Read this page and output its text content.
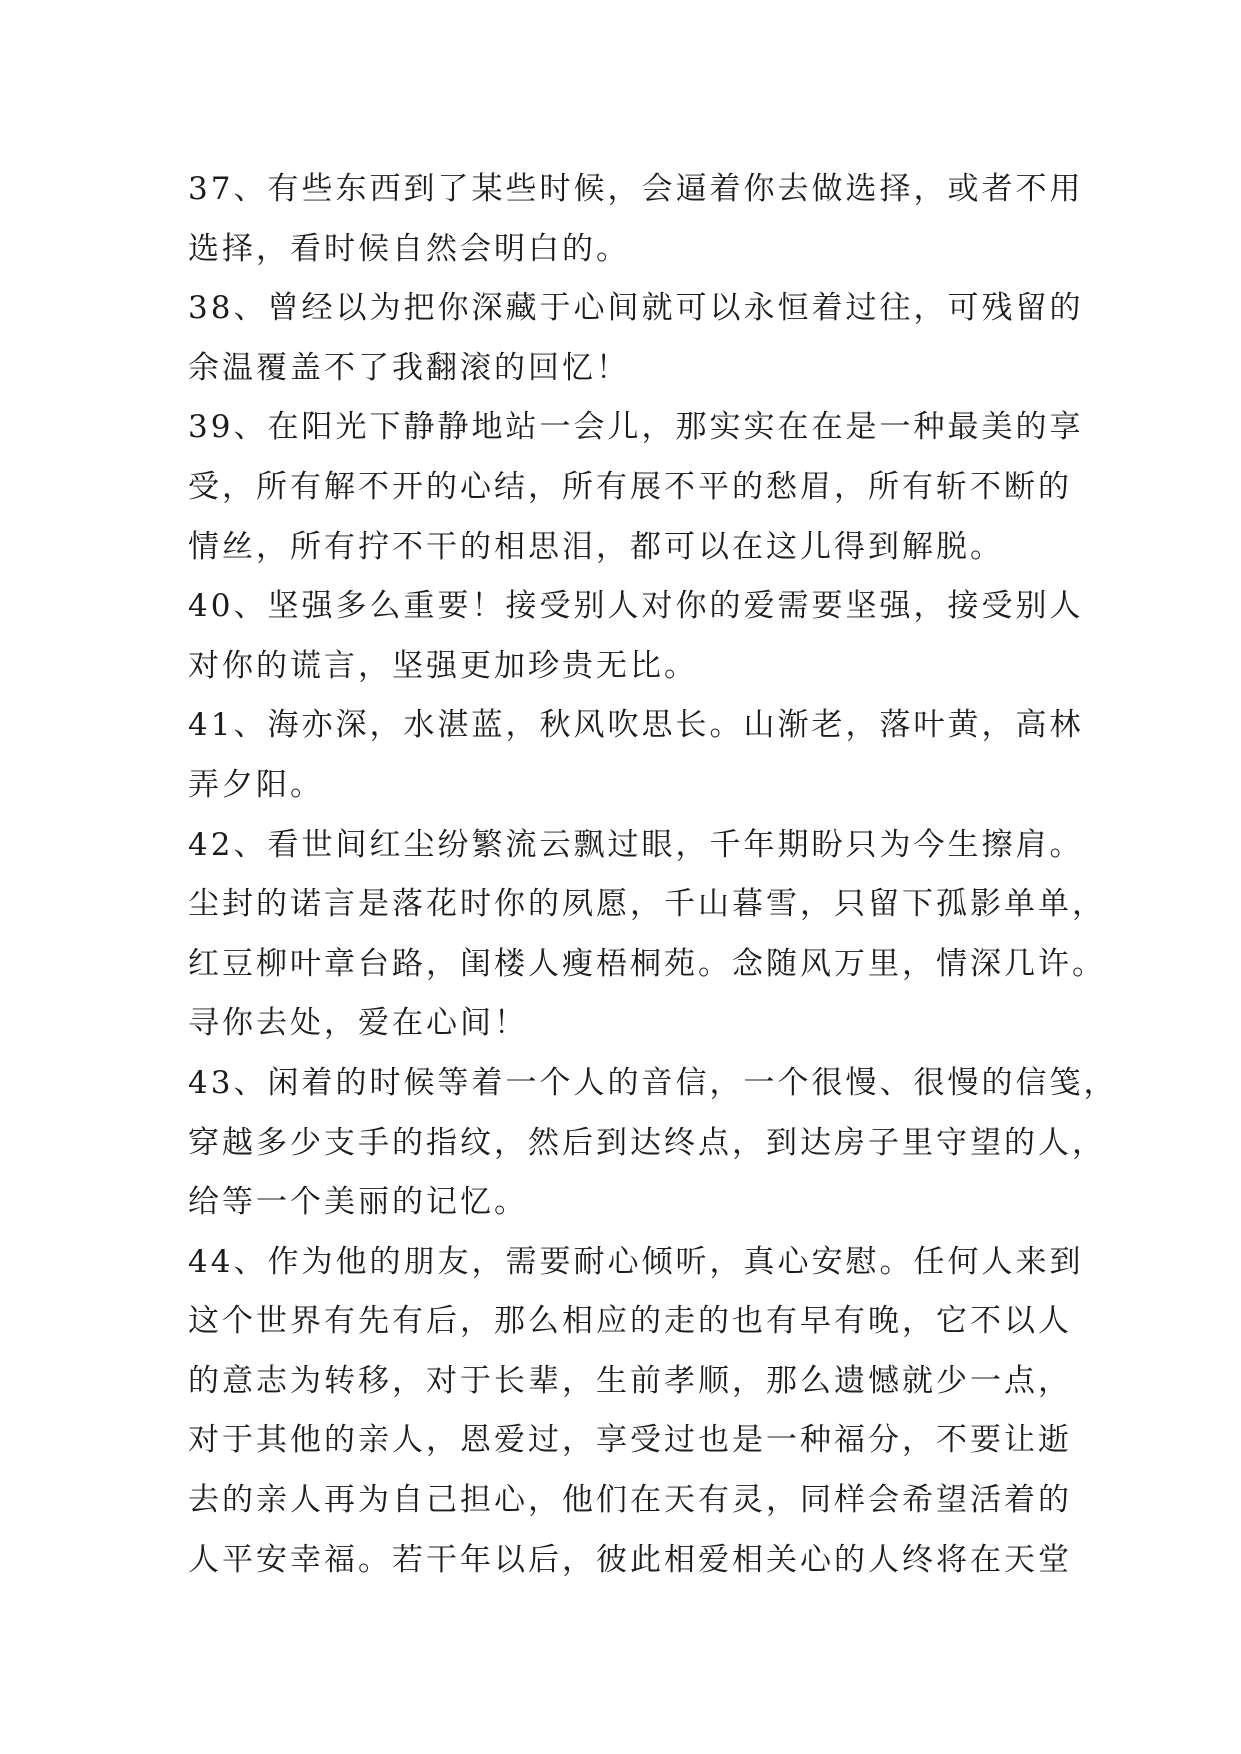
37、有些东西到了某些时候，会逼着你去做选择，或者不用
选择，看时候自然会明白的。
38、曾经以为把你深藏于心间就可以永恒着过往，可残留的
余温覆盖不了我翻滚的回忆！
39、在阳光下静静地站一会儿，那实实在在是一种最美的享
受，所有解不开的心结，所有展不平的愁眉，所有斩不断的
情丝，所有拧不干的相思泪，都可以在这儿得到解脱。
40、坚强多么重要！接受别人对你的爱需要坚强，接受别人
对你的谎言，坚强更加珍贵无比。
41、海亦深，水湛蓝，秋风吹思长。山渐老，落叶黄，高林
弄夕阳。
42、看世间红尘纷繁流云飘过眼，千年期盼只为今生擦肩。
尘封的诺言是落花时你的夙愿，千山暮雪，只留下孤影单单，
红豆柳叶章台路，闺楼人瘦梧桐苑。念随风万里，情深几许。
寻你去处，爱在心间！
43、闲着的时候等着一个人的音信，一个很慢、很慢的信笺，
穿越多少支手的指纹，然后到达终点，到达房子里守望的人，
给等一个美丽的记忆。
44、作为他的朋友，需要耐心倾听，真心安慰。任何人来到
这个世界有先有后，那么相应的走的也有早有晚，它不以人
的意志为转移，对于长辈，生前孝顺，那么遗憾就少一点，
对于其他的亲人，恩爱过，享受过也是一种福分，不要让逝
去的亲人再为自己担心，他们在天有灵，同样会希望活着的
人平安幸福。若干年以后，彼此相爱相关心的人终将在天堂
